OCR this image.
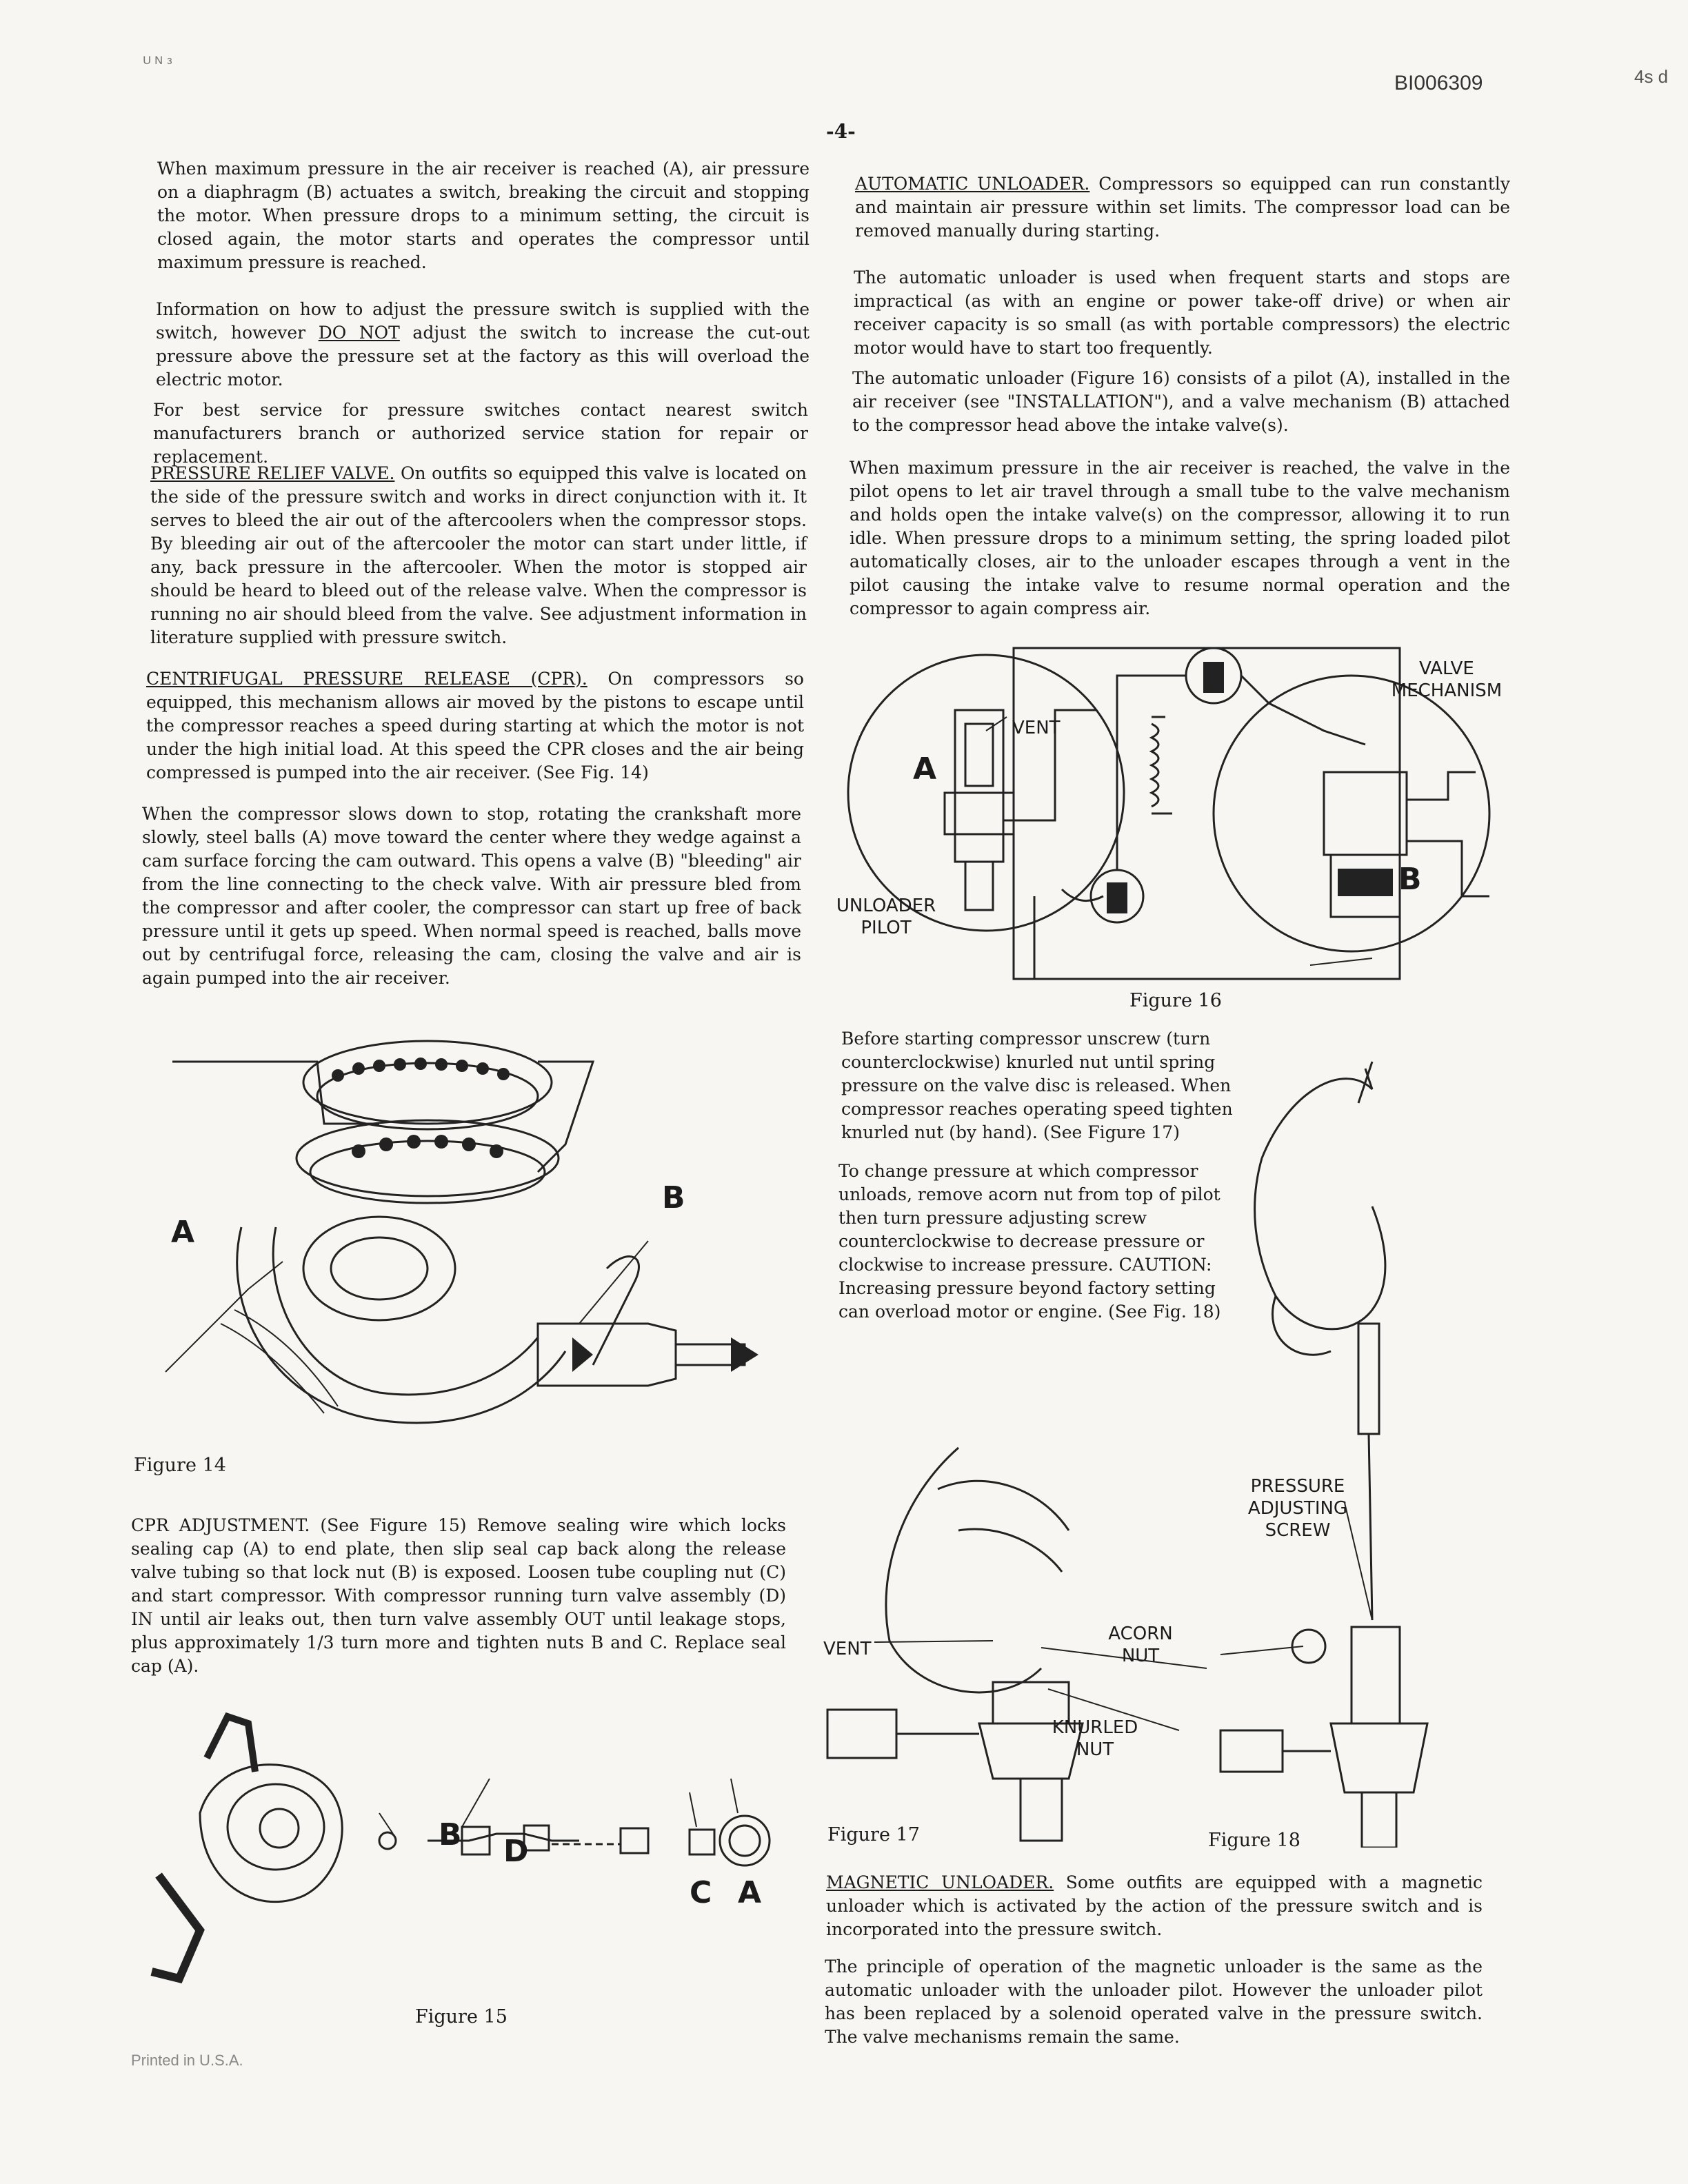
ᵁ ᴺ ᵌ
BI006309	4s d
-4-

When maximum pressure in the air receiver is reached (A), air pressure on a diaphragm (B) actuates a switch, breaking the circuit and stopping the motor. When pressure drops to a minimum setting, the circuit is closed again, the motor starts and operates the compressor until maximum pressure is reached.

Information on how to adjust the pressure switch is supplied with the switch, however DO NOT adjust the switch to increase the cut-out pressure above the pressure set at the factory as this will overload the electric motor.

For best service for pressure switches contact nearest switch manufacturers branch or authorized service station for repair or replacement.

PRESSURE RELIEF VALVE. On outfits so equipped this valve is located on the side of the pressure switch and works in direct conjunction with it. It serves to bleed the air out of the aftercoolers when the compressor stops. By bleeding air out of the aftercooler the motor can start under little, if any, back pressure in the aftercooler. When the motor is stopped air should be heard to bleed out of the release valve. When the compressor is running no air should bleed from the valve. See adjustment information in literature supplied with pressure switch.

CENTRIFUGAL PRESSURE RELEASE (CPR). On compressors so equipped, this mechanism allows air moved by the pistons to escape until the compressor reaches a speed during starting at which the motor is not under the high initial load. At this speed the CPR closes and the air being compressed is pumped into the air receiver. (See Fig. 14)

When the compressor slows down to stop, rotating the crankshaft more slowly, steel balls (A) move toward the center where they wedge against a cam surface forcing the cam outward. This opens a valve (B) "bleeding" air from the line connecting to the check valve. With air pressure bled from the compressor and after cooler, the compressor can start up free of back pressure until it gets up speed. When normal speed is reached, balls move out by centrifugal force, releasing the cam, closing the valve and air is again pumped into the air receiver.

A
B
Figure 14

CPR ADJUSTMENT. (See Figure 15) Remove sealing wire which locks sealing cap (A) to end plate, then slip seal cap back along the release valve tubing so that lock nut (B) is exposed. Loosen tube coupling nut (C) and start compressor. With compressor running turn valve assembly (D) IN until air leaks out, then turn valve assembly OUT until leakage stops, plus approximately 1/3 turn more and tighten nuts B and C. Replace seal cap (A).

B D
C A
Figure 15

AUTOMATIC UNLOADER. Compressors so equipped can run constantly and maintain air pressure within set limits. The compressor load can be removed manually during starting.

The automatic unloader is used when frequent starts and stops are impractical (as with an engine or power take-off drive) or when air receiver capacity is so small (as with portable compressors) the electric motor would have to start too frequently.

The automatic unloader (Figure 16) consists of a pilot (A), installed in the air receiver (see "INSTALLATION"), and a valve mechanism (B) attached to the compressor head above the intake valve(s).

When maximum pressure in the air receiver is reached, the valve in the pilot opens to let air travel through a small tube to the valve mechanism and holds open the intake valve(s) on the compressor, allowing it to run idle. When pressure drops to a minimum setting, the spring loaded pilot automatically closes, air to the unloader escapes through a vent in the pilot causing the intake valve to resume normal operation and the compressor to again compress air.

VENT
VALVE
MECHANISM
A
B
UNLOADER
PILOT
Figure 16

Before starting compressor unscrew (turn counterclockwise) knurled nut until spring pressure on the valve disc is released. When compressor reaches operating speed tighten knurled nut (by hand). (See Figure 17)

To change pressure at which compressor unloads, remove acorn nut from top of pilot then turn pressure adjusting screw counterclockwise to decrease pressure or clockwise to increase pressure. CAUTION: Increasing pressure beyond factory setting can overload motor or engine. (See Fig. 18)

VENT
ACORN
NUT
KNURLED
NUT
PRESSURE
ADJUSTING
SCREW
Figure 17	Figure 18

MAGNETIC UNLOADER. Some outfits are equipped with a magnetic unloader which is activated by the action of the pressure switch and is incorporated into the pressure switch.

The principle of operation of the magnetic unloader is the same as the automatic unloader with the unloader pilot. However the unloader pilot has been replaced by a solenoid operated valve in the pressure switch. The valve mechanisms remain the same.

Printed in U.S.A.
